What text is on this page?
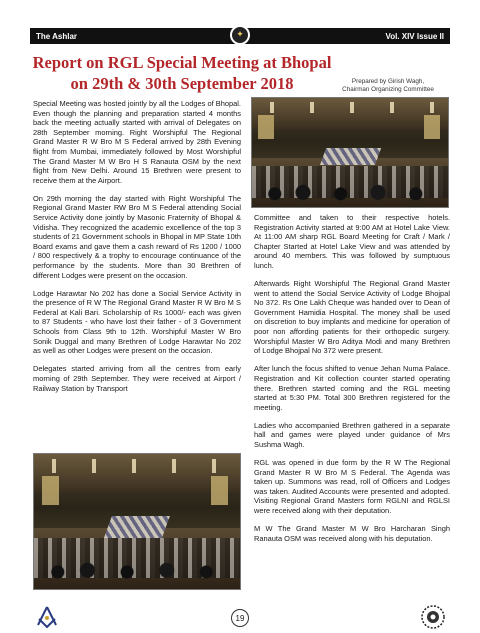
The Ashlar	Vol. XIV Issue II
✦
Report on RGL Special Meeting at Bhopal
on 29th & 30th September 2018	Prepared by Girish Wagh,
Chairman Organizing Committee

Special Meeting was hosted jointly by all the Lodges of Bhopal. Even though the planning and preparation started 4 months back the meeting actually started with arrival of Delegates on 28th September morning. Right Worshipful The Regional Grand Master R W Bro M S Federal arrived by 28th Evening flight from Mumbai, immediately followed by Most Worshipful The Grand Master M W Bro H S Ranauta OSM by the next flight from New Delhi. Around 15 Brethren were present to receive them at the Airport.

On 29th morning the day started with Right Worshipful The Regional Grand Master RW Bro M S Federal attending Social Service Activity done jointly by Masonic Fraternity of Bhopal & Vidisha. They recognized the academic excellence of the top 3 students of 21 Government schools in Bhopal in MP State 10th Board exams and gave them a cash reward of Rs 1200 / 1000 / 800 respectively & a trophy to encourage continuance of the performance by the students. More than 30 Brethren of different Lodges were present on the occasion.

Lodge Harawtar No 202 has done a Social Service Activity in the presence of R W The Regional Grand Master R W Bro M S Federal at Kali Bari. Scholarship of Rs 1000/- each was given to 87 Students - who have lost their father - of 3 Government Schools from Class 9th to 12th. Worshipful Master W Bro Sonik Duggal and many Brethren of Lodge Harawtar No 202 as well as other Lodges were present on the occasion.

Delegates started arriving from all the centres from early morning of 29th September. They were received at Airport / Railway Station by Transport

Committee and taken to their respective hotels. Registration Activity started at 9:00 AM at Hotel Lake View. At 11:00 AM sharp RGL Board Meeting for Craft / Mark / Chapter Started at Hotel Lake View and was attended by around 40 members. This was followed by sumptuous lunch.

Afterwards Right Worshipful The Regional Grand Master went to attend the Social Service Activity of Lodge Bhojpal No 372. Rs One Lakh Cheque was handed over to Dean of Government Hamidia Hospital. The money shall be used on discretion to buy implants and medicine for operation of poor non affording patients for their orthopedic surgery. Worshipful Master W Bro Aditya Modi and many Brethren of Lodge Bhojpal No 372 were present.

After lunch the focus shifted to venue Jehan Numa Palace. Registration and Kit collection counter started operating there. Brethren started coming and the RGL meeting started at 5:30 PM. Total 300 Brethren registered for the meeting.

Ladies who accompanied Brethren gathered in a separate hall and games were played under guidance of Mrs Sushma Wagh.

RGL was opened in due form by the R W The Regional Grand Master R W Bro M S Federal. The Agenda was taken up. Summons was read, roll of Officers and Lodges was taken. Audited Accounts were presented and adopted. Visiting Regional Grand Masters form RGLNI and RGLSI were received along with their deputation.

M W The Grand Master M W Bro Harcharan Singh Ranauta OSM was received along with his deputation.

19
